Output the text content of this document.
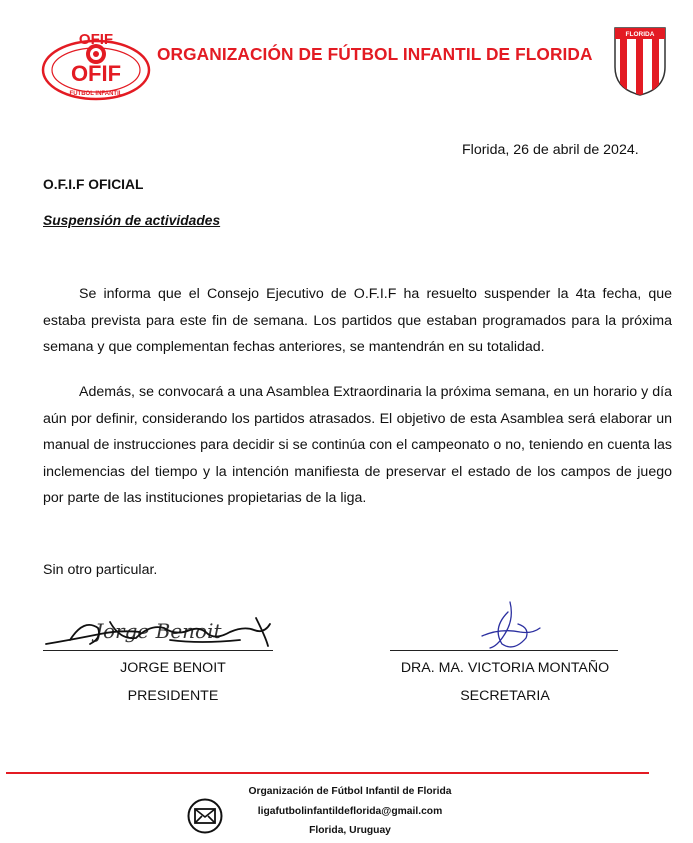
OFIF
OFIF
FÚTBOL INFANTIL
ORGANIZACIÓN DE FÚTBOL INFANTIL DE FLORIDA
FLORIDA
Florida, 26 de abril de 2024.
O.F.I.F OFICIAL
Suspensión de actividades

Se informa que el Consejo Ejecutivo de O.F.I.F ha resuelto suspender la 4ta fecha, que estaba prevista para este fin de semana. Los partidos que estaban programados para la próxima semana y que complementan fechas anteriores, se mantendrán en su totalidad.

Además, se convocará a una Asamblea Extraordinaria la próxima semana, en un horario y día aún por definir, considerando los partidos atrasados. El objetivo de esta Asamblea será elaborar un manual de instrucciones para decidir si se continúa con el campeonato o no, teniendo en cuenta las inclemencias del tiempo y la intención manifiesta de preservar el estado de los campos de juego por parte de las instituciones propietarias de la liga.

Sin otro particular.
Jorge Benoit
JORGE BENOIT
PRESIDENTE
DRA. MA. VICTORIA MONTAÑO
SECRETARIA
Organización de Fútbol Infantil de Florida
ligafutbolinfantildeflorida@gmail.com
Florida, Uruguay
